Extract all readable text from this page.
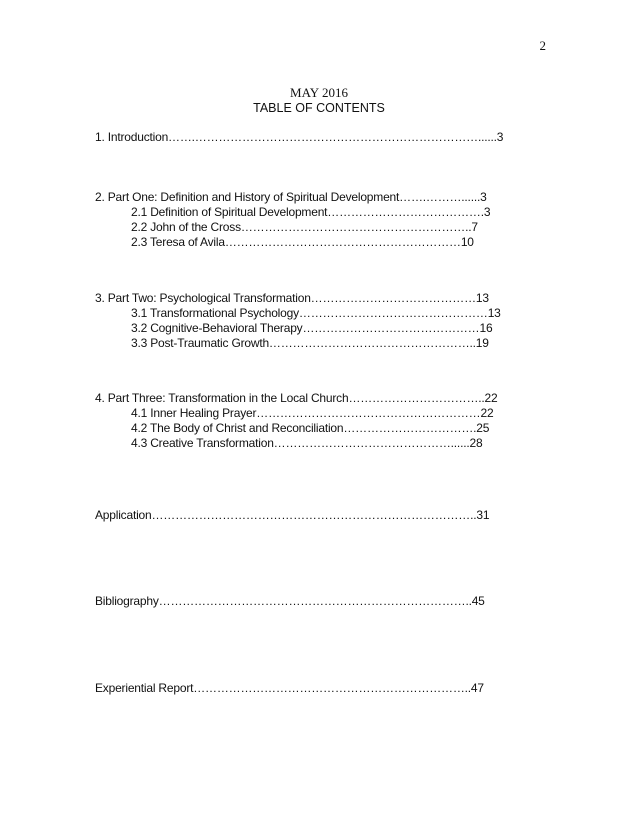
2
MAY 2016
TABLE OF CONTENTS
1. Introduction…….………………………………………………………………......3
2. Part One: Definition and History of Spiritual Development…….………......3
2.1 Definition of Spiritual Development………………………………….3
2.2 John of the Cross…………………………………………………..7
2.3 Teresa of Avila……………………………………………………10
3. Part Two: Psychological Transformation……………………………………13
3.1 Transformational Psychology…………………………………………13
3.2 Cognitive-Behavioral Therapy………………………………………16
3.3 Post-Traumatic Growth……………………………………………..19
4. Part Three: Transformation in the Local Church……………………………..22
4.1 Inner Healing Prayer…………………………………………………22
4.2 The Body of Christ and Reconciliation…………………………….25
4.3 Creative Transformation………………………………………......28
Application………………………………………………………………………..31
Bibliography……………………………………………………………………..45
Experiential Report……………………………………………………………..47
